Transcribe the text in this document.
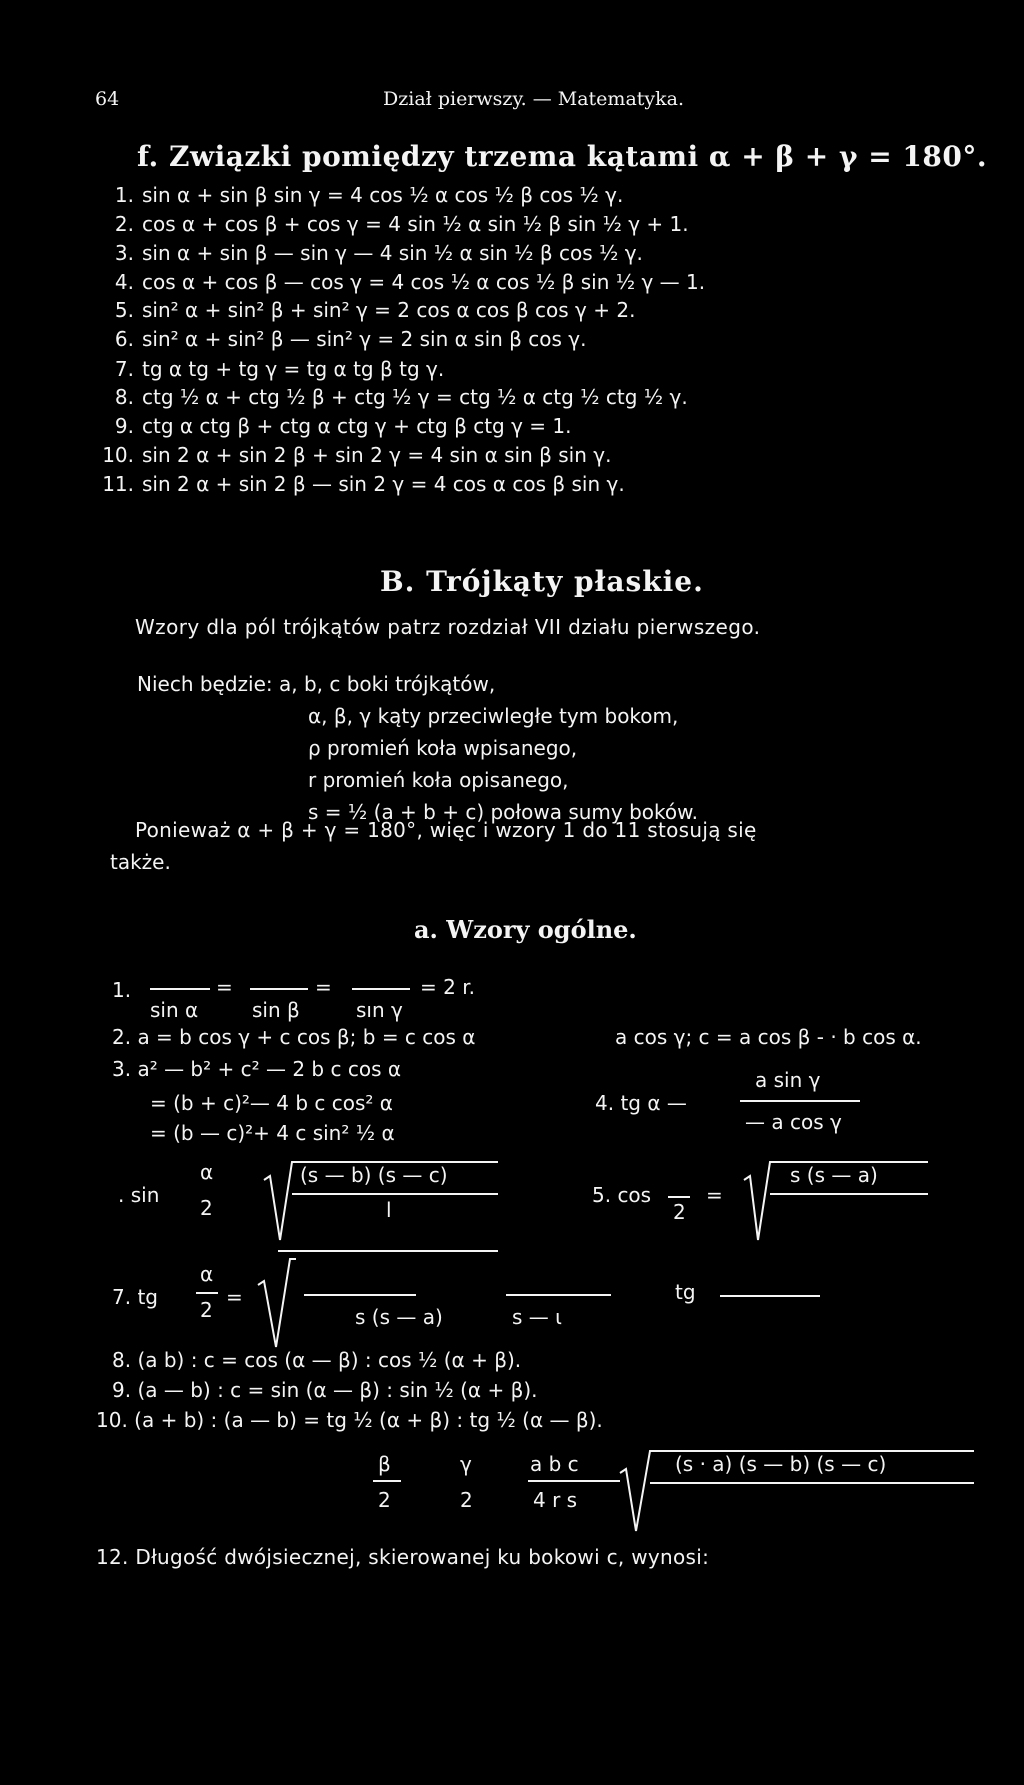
64	Dział pierwszy. — Matematyka.
f. Związki pomiędzy trzema kątami α + β + γ = 180°.
1. sin α + sin β sin γ = 4 cos ½ α cos ½ β cos ½ γ.
2. cos α + cos β + cos γ = 4 sin ½ α sin ½ β sin ½ γ + 1.
3. sin α + sin β — sin γ — 4 sin ½ α sin ½ β cos ½ γ.
4. cos α + cos β — cos γ = 4 cos ½ α cos ½ β sin ½ γ — 1.
5. sin² α + sin² β + sin² γ = 2 cos α cos β cos γ + 2.
6. sin² α + sin² β — sin² γ = 2 sin α sin β cos γ.
7. tg α tg + tg γ = tg α tg β tg γ.
8. ctg ½ α + ctg ½ β + ctg ½ γ = ctg ½ α ctg ½ ctg ½ γ.
9. ctg α ctg β + ctg α ctg γ + ctg β ctg γ = 1.
10. sin 2 α + sin 2 β + sin 2 γ = 4 sin α sin β sin γ.
11. sin 2 α + sin 2 β — sin 2 γ = 4 cos α cos β sin γ.
B. Trójkąty płaskie.
Wzory dla pól trójkątów patrz rozdział VII działu pierwszego.
Niech będzie: a, b, c boki trójkątów,
α, β, γ kąty przeciwległe tym bokom,
ρ promień koła wpisanego,
r promień koła opisanego,
s = ½ (a + b + c) połowa sumy boków.
Ponieważ α + β + γ = 180°, więc i wzory 1 do 11 stosują się
także.
a. Wzory ogólne.
1.	=	=	= 2 r.
sin α	sin β	sın γ
2. a = b cos γ + c cos β; b = c cos α	a cos γ; c = a cos β - · b cos α.
3. a² — b² + c² — 2 b c cos α
= (b + c)²— 4 b c cos² α
= (b — c)²+ 4 c sin² ½ α
4. tg α —
a sin γ
— a cos γ
. sin
α
2
(s — b) (s — c)
l
5. cos
2
=
s (s — a)
7. tg
α
2
=
s (s — a)	s — ι
tg
8. (a b) : c = cos (α — β) : cos ½ (α + β).
9. (a — b) : c = sin (α — β) : sin ½ (α + β).
10. (a + b) : (a — b) = tg ½ (α + β) : tg ½ (α — β).
β
2
γ
2
a b c
4 r s
(s · a) (s — b) (s — c)
12. Długość dwójsiecznej, skierowanej ku bokowi c, wynosi:
